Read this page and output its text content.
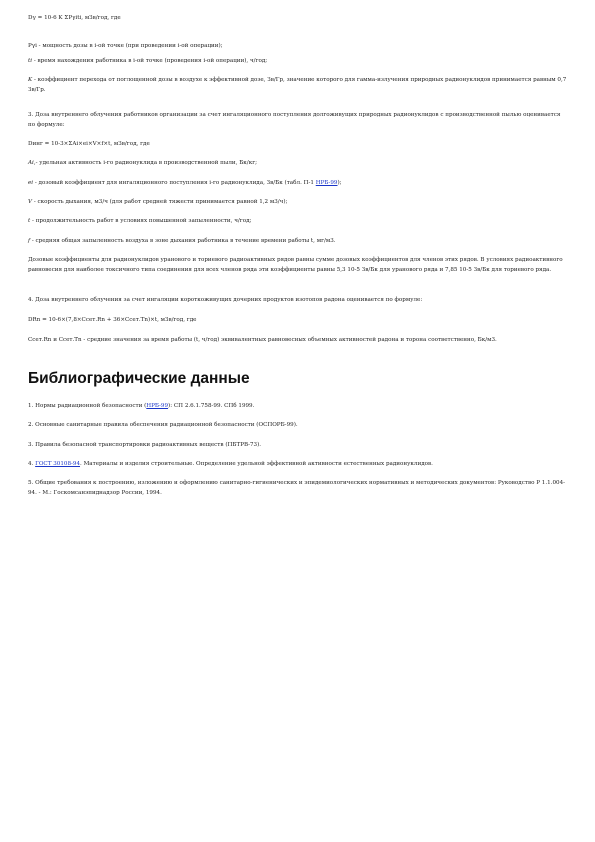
Dγ = 10-6 K ΣPγiti, мЗв/год, где

Pγi - мощность дозы в i-ой точке (при проведении i-ой операции);

ti - время нахождения работника в i-ой точке (проведения i-ой операции), ч/год;

K - коэффициент перехода от поглощенной дозы в воздухе к эффективной дозе, Зв/Гр, значение которого для гамма-излучения природных радионуклидов принимается равным 0,7 Зв/Гр.

3. Доза внутреннего облучения работников организации за счет ингаляционного поступления долгоживущих природных радионуклидов с производственной пылью оценивается по формуле:

Dинг = 10-3×ΣAi×ei×V×f×t, мЗв/год, где

Ai,- удельная активность i-го радионуклида в производственной пыли, Бк/кг;

ei - дозовый коэффициент для ингаляционного поступления i-го радионуклида, Зв/Бк (табл. П-1 НРБ-99);

V - скорость дыхания, м3/ч (для работ средней тяжести принимается равной 1,2 м3/ч);

t - продолжительность работ в условиях повышенной запыленности, ч/год;

f - средняя общая запыленность воздуха в зоне дыхания работника в течение времени работы t, мг/м3.

Дозовые коэффициенты для радионуклидов уранового и ториевого радиоактивных рядов равны сумме дозовых коэффициентов для членов этих рядов. В условиях радиоактивного равновесия для наиболее токсичного типа соединения для всех членов ряда эти коэффициенты равны 5,3 10-5 Зв/Бк для уранового ряда и 7,85 10-5 Зв/Бк для ториевого ряда.

4. Доза внутреннего облучения за счет ингаляции короткоживущих дочерних продуктов изотопов радона оценивается по формуле:

DRn = 10-6×(7,8×Cсет.Rn + 36×Cсет.Tn)×t, мЗв/год, где

Cсет.Rn и Cсет.Tn - средние значения за время работы (t, ч/год) эквивалентных равновесных объемных активностей радона и торона соответственно, Бк/м3.

Библиографические данные

1. Нормы радиационной безопасности (НРБ-99): СП 2.6.1.758-99. СПб 1999.

2. Основные санитарные правила обеспечения радиационной безопасности (ОСПОРБ-99).

3. Правила безопасной транспортировки радиоактивных веществ (ПБТРВ-73).

4. ГОСТ 30108-94. Материалы и изделия строительные. Определение удельной эффективной активности естественных радионуклидов.

5. Общие требования к построению, изложению и оформлению санитарно-гигиенических и эпидемиологических нормативных и методических документов: Руководство Р 1.1.004-94. - М.: Госкомсанэпиднадзор России, 1994.
